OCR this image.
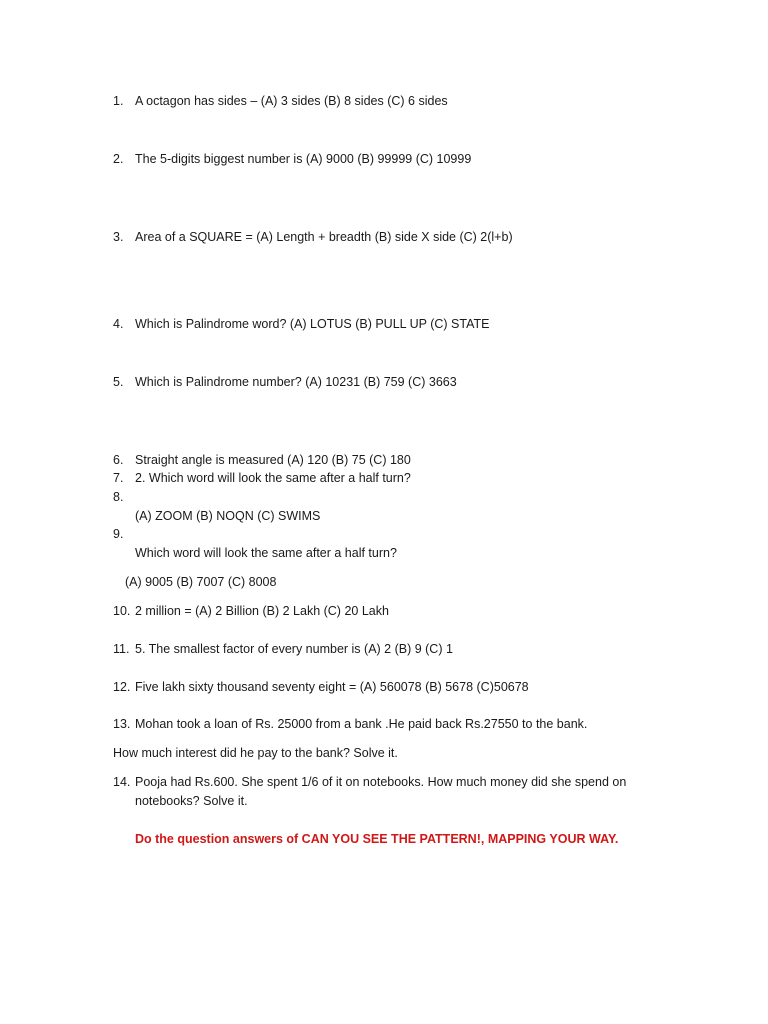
1. A octagon has sides – (A) 3 sides (B) 8 sides (C) 6 sides
2. The 5-digits biggest number is (A) 9000 (B) 99999 (C) 10999
3. Area of a SQUARE = (A) Length + breadth (B) side X side (C) 2(l+b)
4. Which is Palindrome word? (A) LOTUS (B) PULL UP (C) STATE
5. Which is Palindrome number? (A) 10231 (B) 759 (C) 3663
6. Straight angle is measured (A) 120 (B) 75 (C) 180
7. 2. Which word will look the same after a half turn?
8.
(A) ZOOM (B) NOQN (C) SWIMS
9.
Which word will look the same after a half turn?
(A) 9005 (B) 7007 (C) 8008
10. 2 million = (A) 2 Billion (B) 2 Lakh (C) 20 Lakh
11. 5. The smallest factor of every number is (A) 2 (B) 9 (C) 1
12. Five lakh sixty thousand seventy eight = (A) 560078 (B) 5678 (C)50678
13. Mohan took a loan of Rs. 25000 from a bank .He paid back Rs.27550 to the bank.
How much interest did he pay to the bank? Solve it.
14. Pooja had Rs.600. She spent 1/6 of it on notebooks. How much money did she spend on notebooks? Solve it.
Do the question answers of CAN YOU SEE THE PATTERN!, MAPPING YOUR WAY.
